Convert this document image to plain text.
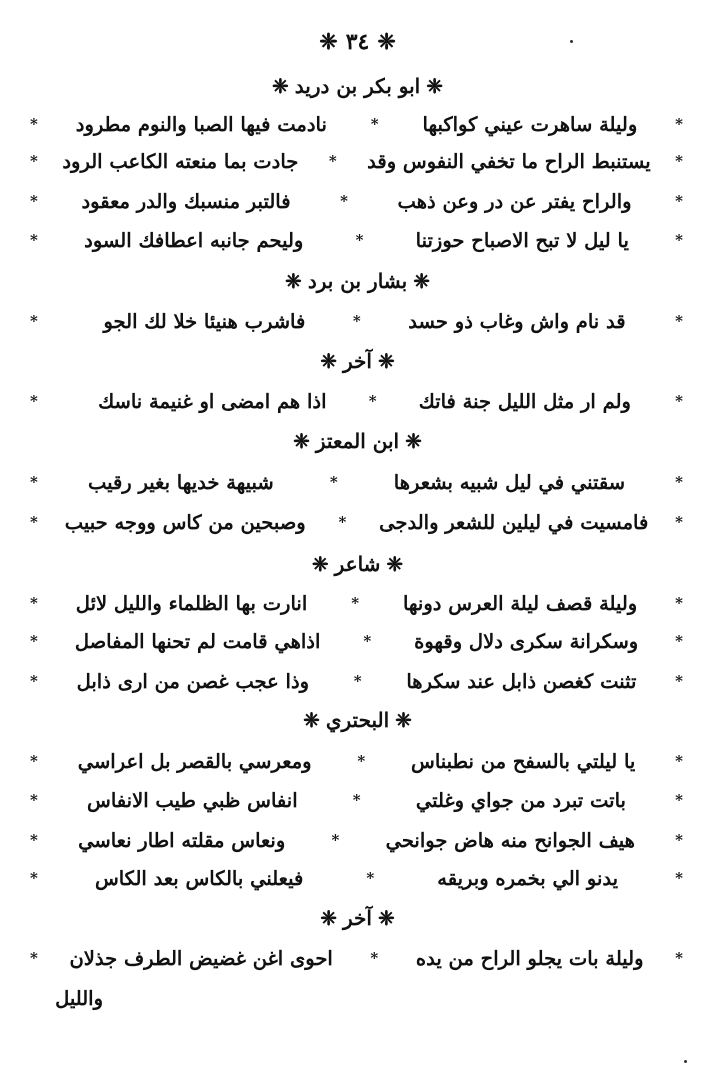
❈
٣٤
❈
❈
ابو بكر بن دريد
❈
*
وليلة ساهرت عيني كواكبها
*
نادمت فيها الصبا والنوم مطرود
*
*
يستنبط الراح ما تخفي النفوس وقد
*
جادت بما منعته الكاعب الرود
*
*
والراح يفتر عن در وعن ذهب
*
فالتبر منسبك والدر معقود
*
*
يا ليل لا تبح الاصباح حوزتنا
*
وليحم جانبه اعطافك السود
*
❈
بشار بن برد
❈
*
قد نام واش وغاب ذو حسد
*
فاشرب هنيئا خلا لك الجو
*
❈
آخر
❈
*
ولم ار مثل الليل جنة فاتك
*
اذا هم امضى او غنيمة ناسك
*
❈
ابن المعتز
❈
*
سقتني في ليل شبيه بشعرها
*
شبيهة خديها بغير رقيب
*
*
فامسيت في ليلين للشعر والدجى
*
وصبحين من كاس ووجه حبيب
*
❈
شاعر
❈
*
وليلة قصف ليلة العرس دونها
*
انارت بها الظلماء والليل لائل
*
*
وسكرانة سكرى دلال وقهوة
*
اذاهي قامت لم تحنها المفاصل
*
*
تثنت كغصن ذابل عند سكرها
*
وذا عجب غصن من ارى ذابل
*
❈
البحتري
❈
*
يا ليلتي بالسفح من نطبناس
*
ومعرسي بالقصر بل اعراسي
*
*
باتت تبرد من جواي وغلتي
*
انفاس ظبي طيب الانفاس
*
*
هيف الجوانح منه هاض جوانحي
*
ونعاس مقلته اطار نعاسي
*
*
يدنو الي بخمره وبريقه
*
فيعلني بالكاس بعد الكاس
*
❈
آخر
❈
*
وليلة بات يجلو الراح من يده
*
احوى اغن غضيض الطرف جذلان
*
والليل
